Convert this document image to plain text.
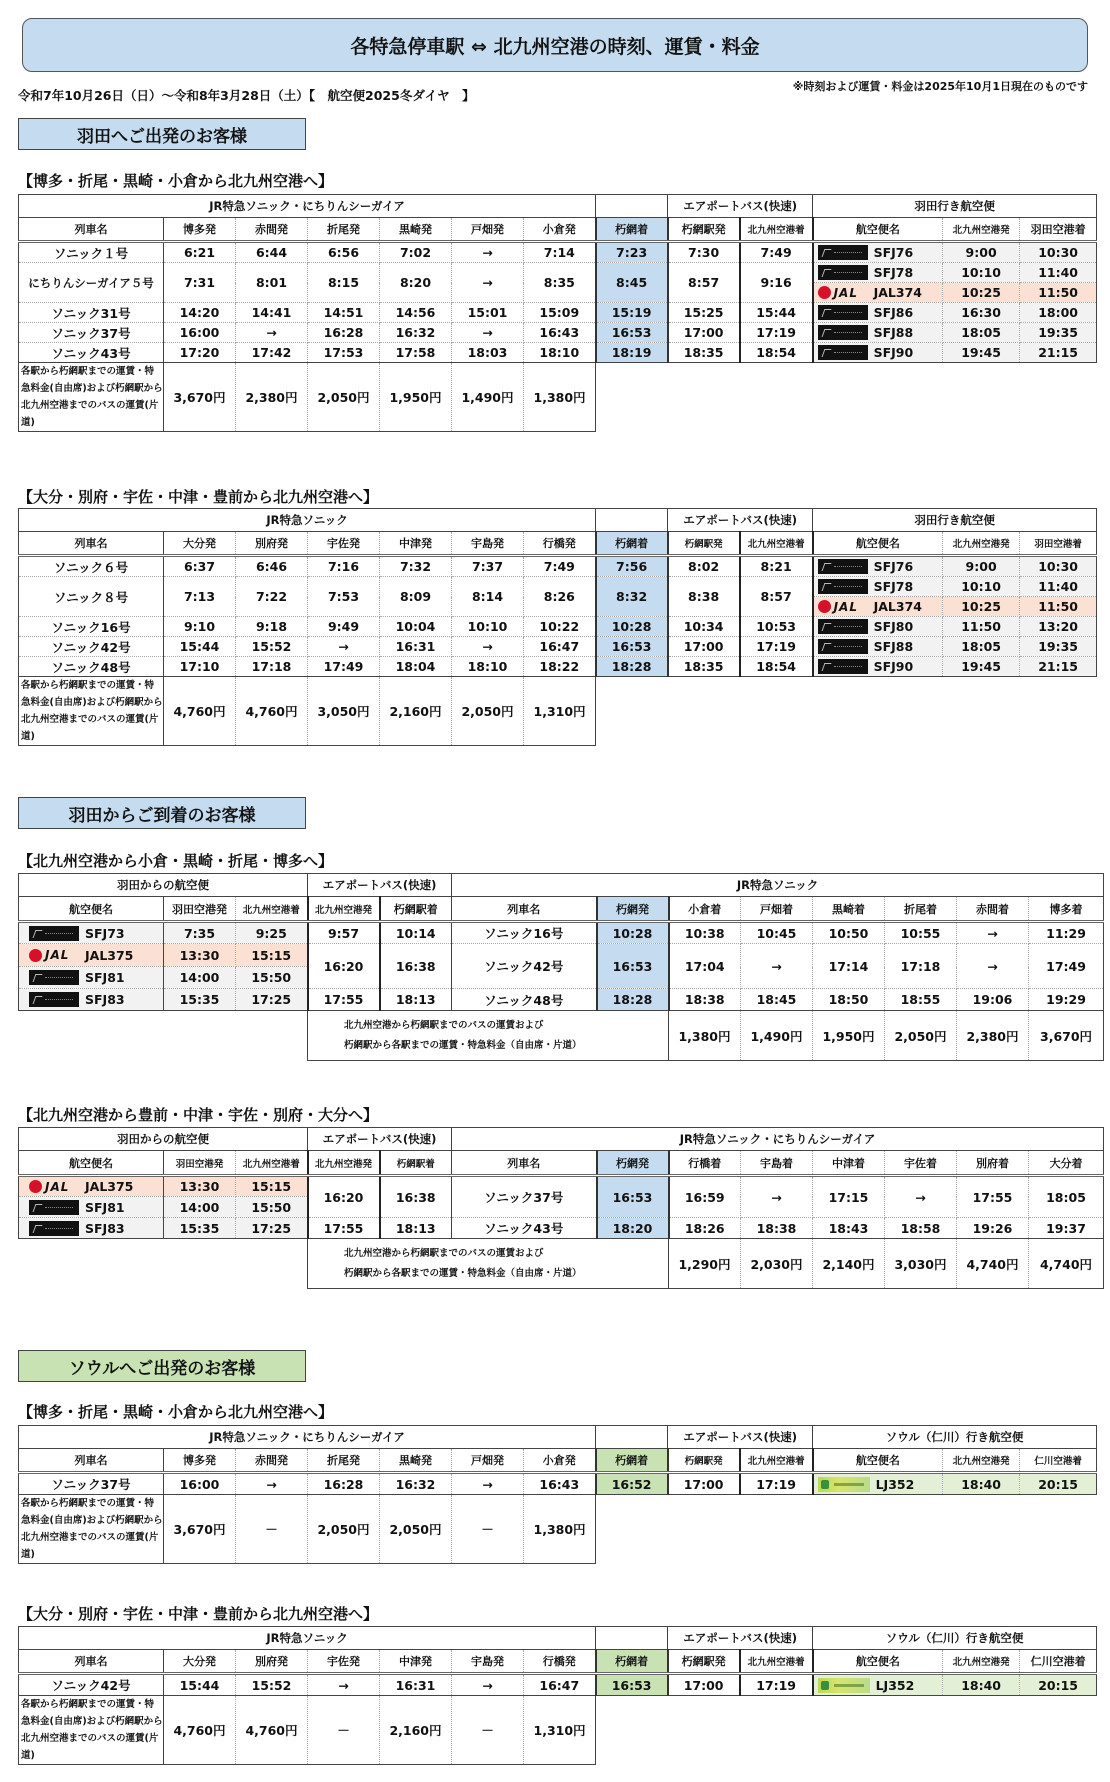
各特急停車駅 ⇔ 北九州空港の時刻、運賃・料金
令和7年10月26日（日）～令和8年3月28日（土）【　航空便2025冬ダイヤ　】
※時刻および運賃・料金は2025年10月1日現在のものです
羽田へご出発のお客様
【博多・折尾・黒崎・小倉から北九州空港へ】
JR特急ソニック・にちりんシーガイア								エアポートバス(快速)		羽田行き航空便		
列車名	博多発	赤間発	折尾発	黒崎発	戸畑発	小倉発	朽網着	朽網駅発	北九州空港着	航空便名	北九州空港発	羽田空港着
ソニック１号	6:21	6:44	6:56	7:02	→	7:14	7:23	7:30	7:49	SFJ76	9:00	10:30
にちりんシーガイア５号	7:31	8:01	8:15	8:20	→	8:35	8:45	8:57	9:16	SFJ78	10:10	11:40

										JAL JAL374	10:25	11:50
ソニック31号	14:20	14:41	14:51	14:56	15:01	15:09	15:19	15:25	15:44	SFJ86	16:30	18:00
ソニック37号	16:00	→	16:28	16:32	→	16:43	16:53	17:00	17:19	SFJ88	18:05	19:35
ソニック43号	17:20	17:42	17:53	17:58	18:03	18:10	18:19	18:35	18:54	SFJ90	19:45	21:15
各駅から朽網駅までの運賃・特急料金(自由席)および朽網駅から北九州空港までのバスの運賃(片道)	3,670円	2,380円	2,050円	1,950円	1,490円	1,380円						
【大分・別府・宇佐・中津・豊前から北九州空港へ】
JR特急ソニック								エアポートバス(快速)		羽田行き航空便		
列車名	大分発	別府発	宇佐発	中津発	宇島発	行橋発	朽網着	朽網駅発	北九州空港着	航空便名	北九州空港発	羽田空港着
ソニック６号	6:37	6:46	7:16	7:32	7:37	7:49	7:56	8:02	8:21	SFJ76	9:00	10:30
ソニック８号	7:13	7:22	7:53	8:09	8:14	8:26	8:32	8:38	8:57	SFJ78	10:10	11:40

										JAL JAL374	10:25	11:50
ソニック16号	9:10	9:18	9:49	10:04	10:10	10:22	10:28	10:34	10:53	SFJ80	11:50	13:20
ソニック42号	15:44	15:52	→	16:31	→	16:47	16:53	17:00	17:19	SFJ88	18:05	19:35
ソニック48号	17:10	17:18	17:49	18:04	18:10	18:22	18:28	18:35	18:54	SFJ90	19:45	21:15
各駅から朽網駅までの運賃・特急料金(自由席)および朽網駅から北九州空港までのバスの運賃(片道)	4,760円	4,760円	3,050円	2,160円	2,050円	1,310円						
羽田からご到着のお客様
【北九州空港から小倉・黒崎・折尾・博多へ】
羽田からの航空便			エアポートバス(快速)		JR特急ソニック							
航空便名	羽田空港発	北九州空港着	北九州空港発	朽網駅着	列車名	朽網発	小倉着	戸畑着	黒崎着	折尾着	赤間着	博多着

SFJ73	7:35	9:25	9:57	10:14	ソニック16号	10:28	10:38	10:45	10:50	10:55	→	11:29

JAL JAL375	13:30	15:15	16:20	16:38	ソニック42号	16:53	17:04	→	17:14	17:18	→	17:49

SFJ81	14:00	15:50										

SFJ83	15:35	17:25	17:55	18:13	ソニック48号	18:28	18:38	18:45	18:50	18:55	19:06	19:29

			北九州空港から朽網駅までのバスの運賃および
朽網駅から各駅までの運賃・特急料金（自由席・片道）				1,380円	1,490円	1,950円	2,050円	2,380円	3,670円
【北九州空港から豊前・中津・宇佐・別府・大分へ】
羽田からの航空便			エアポートバス(快速)		JR特急ソニック・にちりんシーガイア							
航空便名	羽田空港発	北九州空港着	北九州空港発	朽網駅着	列車名	朽網発	行橋着	宇島着	中津着	宇佐着	別府着	大分着

JAL JAL375	13:30	15:15	16:20	16:38	ソニック37号	16:53	16:59	→	17:15	→	17:55	18:05

SFJ81	14:00	15:50										

SFJ83	15:35	17:25	17:55	18:13	ソニック43号	18:20	18:26	18:38	18:43	18:58	19:26	19:37

			北九州空港から朽網駅までのバスの運賃および
朽網駅から各駅までの運賃・特急料金（自由席・片道）				1,290円	2,030円	2,140円	3,030円	4,740円	4,740円
ソウルへご出発のお客様
【博多・折尾・黒崎・小倉から北九州空港へ】
JR特急ソニック・にちりんシーガイア								エアポートバス(快速)		ソウル（仁川）行き航空便		
列車名	博多発	赤間発	折尾発	黒崎発	戸畑発	小倉発	朽網着	朽網駅発	北九州空港着	航空便名	北九州空港発	仁川空港着
ソニック37号	16:00	→	16:28	16:32	→	16:43	16:52	17:00	17:19	LJ352	18:40	20:15
各駅から朽網駅までの運賃・特急料金(自由席)および朽網駅から北九州空港までのバスの運賃(片道)	3,670円	－	2,050円	2,050円	－	1,380円						
【大分・別府・宇佐・中津・豊前から北九州空港へ】
JR特急ソニック								エアポートバス(快速)		ソウル（仁川）行き航空便		
列車名	大分発	別府発	宇佐発	中津発	宇島発	行橋発	朽網着	朽網駅発	北九州空港着	航空便名	北九州空港発	仁川空港着
ソニック42号	15:44	15:52	→	16:31	→	16:47	16:53	17:00	17:19	LJ352	18:40	20:15
各駅から朽網駅までの運賃・特急料金(自由席)および朽網駅から北九州空港までのバスの運賃(片道)	4,760円	4,760円	－	2,160円	－	1,310円						
